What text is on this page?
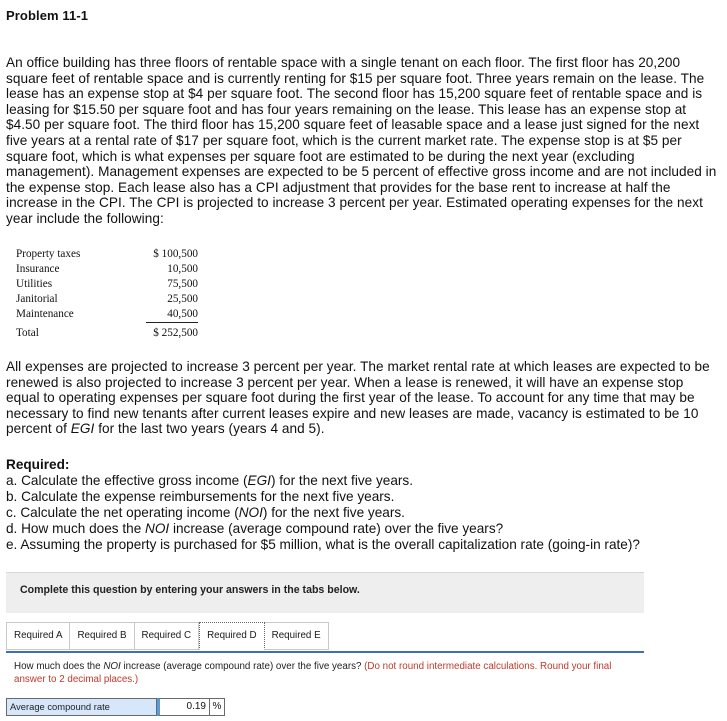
Problem 11-1

An office building has three floors of rentable space with a single tenant on each floor. The first floor has 20,200 square feet of rentable space and is currently renting for $15 per square foot. Three years remain on the lease. The lease has an expense stop at $4 per square foot. The second floor has 15,200 square feet of rentable space and is leasing for $15.50 per square foot and has four years remaining on the lease. This lease has an expense stop at $4.50 per square foot. The third floor has 15,200 square feet of leasable space and a lease just signed for the next five years at a rental rate of $17 per square foot, which is the current market rate. The expense stop is at $5 per square foot, which is what expenses per square foot are estimated to be during the next year (excluding management). Management expenses are expected to be 5 percent of effective gross income and are not included in the expense stop. Each lease also has a CPI adjustment that provides for the base rent to increase at half the increase in the CPI. The CPI is projected to increase 3 percent per year. Estimated operating expenses for the next year include the following:

Property taxes	$ 100,500
Insurance	10,500
Utilities	75,500
Janitorial	25,500
Maintenance	40,500
Total	$ 252,500

All expenses are projected to increase 3 percent per year. The market rental rate at which leases are expected to be renewed is also projected to increase 3 percent per year. When a lease is renewed, it will have an expense stop equal to operating expenses per square foot during the first year of the lease. To account for any time that may be necessary to find new tenants after current leases expire and new leases are made, vacancy is estimated to be 10 percent of EGI for the last two years (years 4 and 5).

Required:
a. Calculate the effective gross income (EGI) for the next five years.
b. Calculate the expense reimbursements for the next five years.
c. Calculate the net operating income (NOI) for the next five years.
d. How much does the NOI increase (average compound rate) over the five years?
e. Assuming the property is purchased for $5 million, what is the overall capitalization rate (going-in rate)?
Complete this question by entering your answers in the tabs below.
Required A	Required B	Required C	Required D	Required E
How much does the NOI increase (average compound rate) over the five years? (Do not round intermediate calculations. Round your final answer to 2 decimal places.)
Average compound rate	0.19 %
